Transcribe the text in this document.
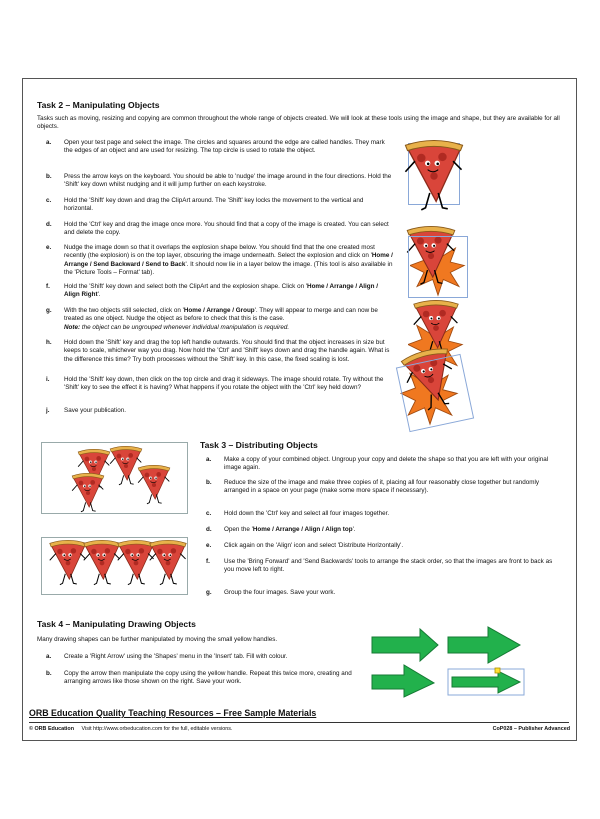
Task 2 – Manipulating Objects
Tasks such as moving, resizing and copying are common throughout the whole range of objects created. We will look at these tools using the image and shape, but they are available for all objects.
a. Open your test page and select the image. The circles and squares around the edge are called handles. They mark the edges of an object and are used for resizing. The top circle is used to rotate the object.
b. Press the arrow keys on the keyboard. You should be able to 'nudge' the image around in the four directions. Hold the 'Shift' key down whilst nudging and it will jump further on each keystroke.
c. Hold the 'Shift' key down and drag the ClipArt around. The 'Shift' key locks the movement to the vertical and horizontal.
d. Hold the 'Ctrl' key and drag the image once more. You should find that a copy of the image is created. You can select and delete the copy.
e. Nudge the image down so that it overlaps the explosion shape below. You should find that the one created most recently (the explosion) is on the top layer, obscuring the image underneath. Select the explosion and click on 'Home / Arrange / Send Backward / Send to Back'. It should now lie in a layer below the image. (This tool is also available in the 'Picture Tools – Format' tab).
f. Hold the 'Shift' key down and select both the ClipArt and the explosion shape. Click on 'Home / Arrange / Align / Align Right'.
g. With the two objects still selected, click on 'Home / Arrange / Group'. They will appear to merge and can now be treated as one object. Nudge the object as before to check that this is the case.
Note: the object can be ungrouped whenever individual manipulation is required.
h. Hold down the 'Shift' key and drag the top left handle outwards. You should find that the object increases in size but keeps to scale, whichever way you drag. Now hold the 'Ctrl' and 'Shift' keys down and drag the handle again. What is the difference this time? Try both processes without the 'Shift' key. In this case, the fixed scaling is lost.
i. Hold the 'Shift' key down, then click on the top circle and drag it sideways. The image should rotate. Try without the 'Shift' key to see the effect it is having? What happens if you rotate the object with the 'Ctrl' key held down?
j. Save your publication.
Task 3 – Distributing Objects
a. Make a copy of your combined object. Ungroup your copy and delete the shape so that you are left with your original image again.
b. Reduce the size of the image and make three copies of it, placing all four reasonably close together but randomly arranged in a space on your page (make some more space if necessary).
c. Hold down the 'Ctrl' key and select all four images together.
d. Open the 'Home / Arrange / Align / Align top'.
e. Click again on the 'Align' icon and select 'Distribute Horizontally'.
f. Use the 'Bring Forward' and 'Send Backwards' tools to arrange the stack order, so that the images are front to back as you move left to right.
g. Group the four images. Save your work.
Task 4 – Manipulating Drawing Objects
Many drawing shapes can be further manipulated by moving the small yellow handles.
a. Create a 'Right Arrow' using the 'Shapes' menu in the 'Insert' tab. Fill with colour.
b. Copy the arrow then manipulate the copy using the yellow handle. Repeat this twice more, creating and arranging arrows like those shown on the right. Save your work.
ORB Education Quality Teaching Resources – Free Sample Materials
© ORB Education Visit http://www.orbeducation.com for the full, editable versions.	CoP028 – Publisher Advanced
